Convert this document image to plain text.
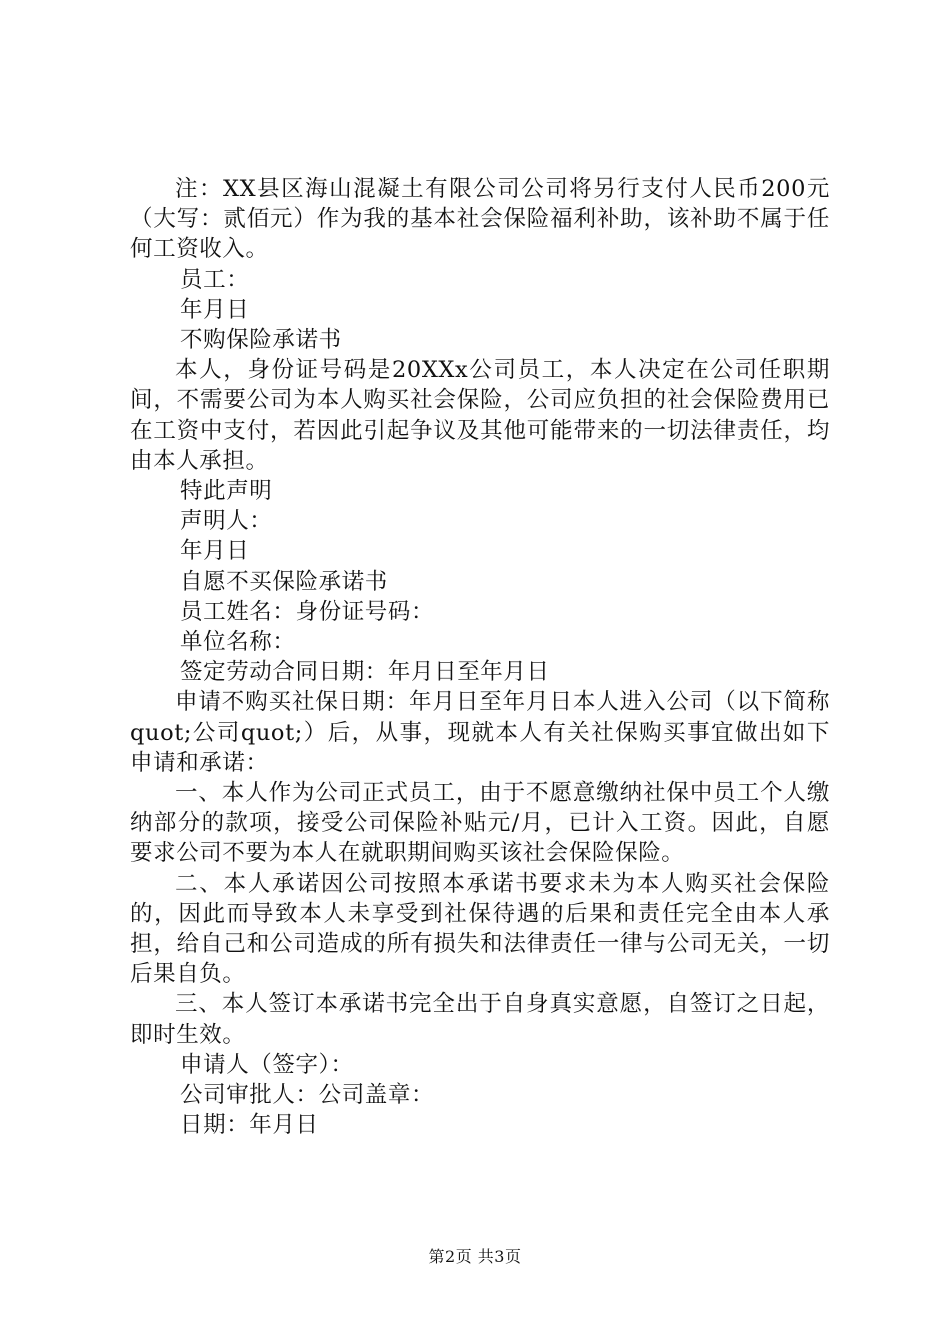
注：XX县区海山混凝土有限公司公司将另行支付人民币200元（大写：贰佰元）作为我的基本社会保险福利补助，该补助不属于任何工资收入。

员工：

年月日

不购保险承诺书

本人，身份证号码是20XXx公司员工，本人决定在公司任职期间，不需要公司为本人购买社会保险，公司应负担的社会保险费用已在工资中支付，若因此引起争议及其他可能带来的一切法律责任，均由本人承担。

特此声明

声明人：

年月日

自愿不买保险承诺书

员工姓名：身份证号码：

单位名称：

签定劳动合同日期：年月日至年月日

申请不购买社保日期：年月日至年月日本人进入公司（以下简称quot;公司quot;）后，从事，现就本人有关社保购买事宜做出如下申请和承诺：

一、本人作为公司正式员工，由于不愿意缴纳社保中员工个人缴纳部分的款项，接受公司保险补贴元/月，已计入工资。因此，自愿要求公司不要为本人在就职期间购买该社会保险保险。

二、本人承诺因公司按照本承诺书要求未为本人购买社会保险的，因此而导致本人未享受到社保待遇的后果和责任完全由本人承担，给自己和公司造成的所有损失和法律责任一律与公司无关，一切后果自负。

三、本人签订本承诺书完全出于自身真实意愿，自签订之日起，即时生效。

申请人（签字）：

公司审批人：公司盖章：

日期：年月日

第2页 共3页
